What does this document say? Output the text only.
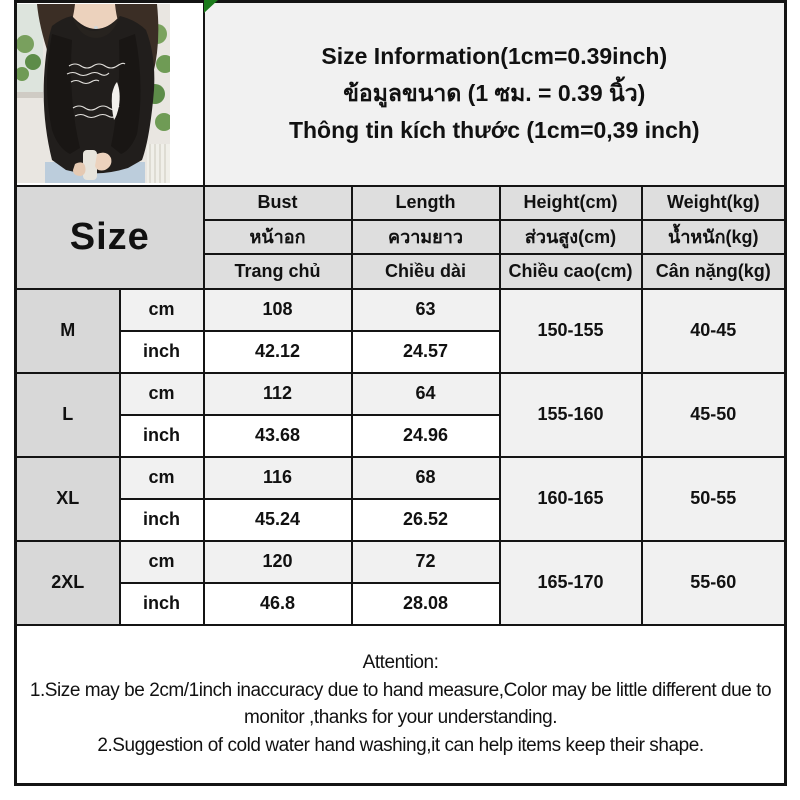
Size Information(1cm=0.39inch)
ข้อมูลขนาด (1 ซม. = 0.39 นิ้ว)
Thông tin kích thước (1cm=0,39 inch)			

Size		Bust	Length	Height(cm)	Weight(kg)
		หน้าอก	ความยาว	ส่วนสูง(cm)	น้ำหนัก(kg)
		Trang chủ	Chiều dài	Chiều cao(cm)	Cân nặng(kg)
M	cm	108	63	150-155	40-45
	inch	42.12	24.57		
L	cm	112	64	155-160	45-50
	inch	43.68	24.96		
XL	cm	116	68	160-165	50-55
	inch	45.24	26.52		
2XL	cm	120	72	165-170	55-60
	inch	46.8	28.08		

Attention:

1.Size may be 2cm/1inch inaccuracy due to hand measure,Color may be little different due to monitor ,thanks for your understanding.

2.Suggestion of cold water hand washing,it can help items keep their shape.					
